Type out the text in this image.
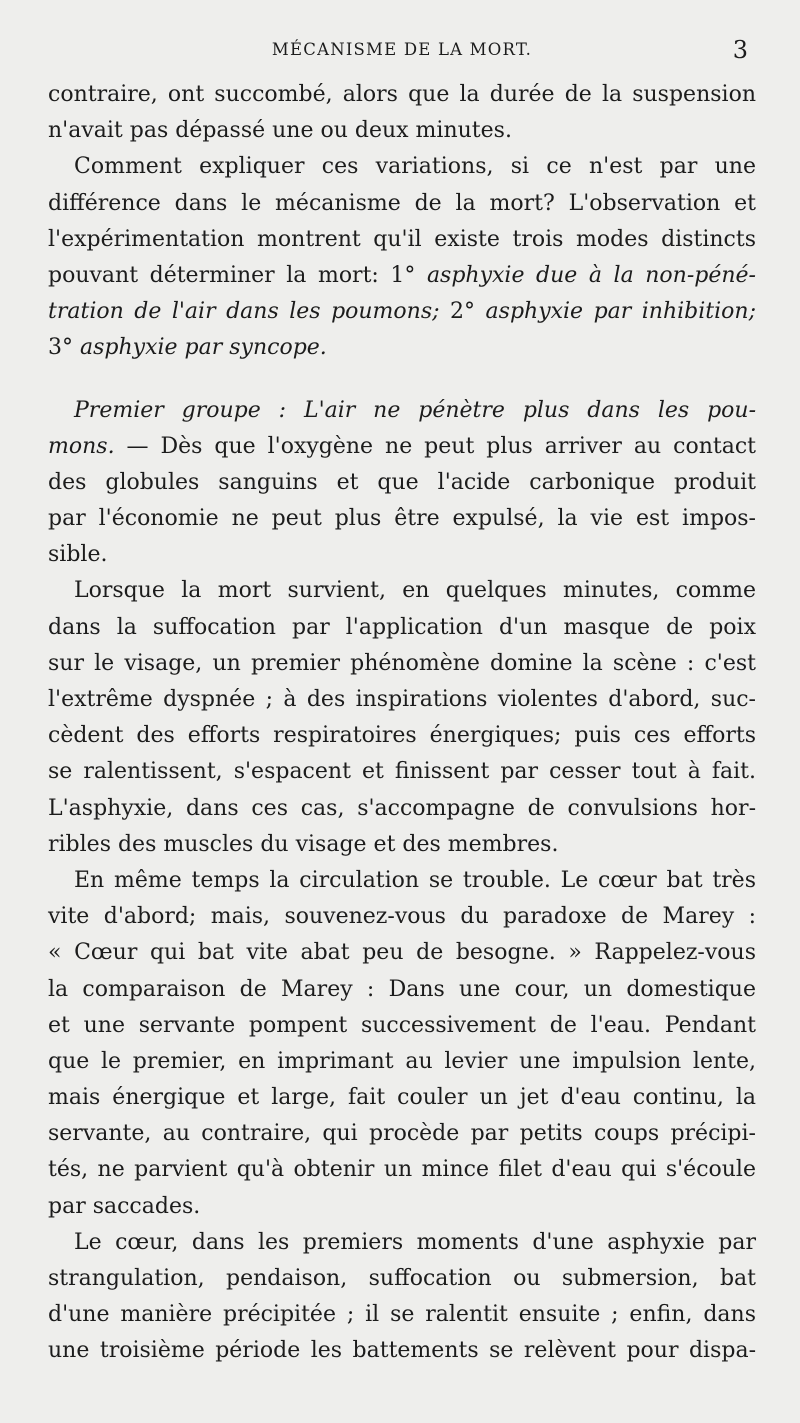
MÉCANISME DE LA MORT.	3
contraire, ont succombé, alors que la durée de la suspension
n'avait pas dépassé une ou deux minutes.
Comment expliquer ces variations, si ce n'est par une
différence dans le mécanisme de la mort? L'observation et
l'expérimentation montrent qu'il existe trois modes distincts
pouvant déterminer la mort: 1° asphyxie due à la non-péné-
tration de l'air dans les poumons; 2° asphyxie par inhibition;
3° asphyxie par syncope.
Premier groupe : L'air ne pénètre plus dans les pou-
mons. — Dès que l'oxygène ne peut plus arriver au contact
des globules sanguins et que l'acide carbonique produit
par l'économie ne peut plus être expulsé, la vie est impos-
sible.
Lorsque la mort survient, en quelques minutes, comme
dans la suffocation par l'application d'un masque de poix
sur le visage, un premier phénomène domine la scène : c'est
l'extrême dyspnée ; à des inspirations violentes d'abord, suc-
cèdent des efforts respiratoires énergiques; puis ces efforts
se ralentissent, s'espacent et finissent par cesser tout à fait.
L'asphyxie, dans ces cas, s'accompagne de convulsions hor-
ribles des muscles du visage et des membres.
En même temps la circulation se trouble. Le cœur bat très
vite d'abord; mais, souvenez-vous du paradoxe de Marey :
« Cœur qui bat vite abat peu de besogne. » Rappelez-vous
la comparaison de Marey : Dans une cour, un domestique
et une servante pompent successivement de l'eau. Pendant
que le premier, en imprimant au levier une impulsion lente,
mais énergique et large, fait couler un jet d'eau continu, la
servante, au contraire, qui procède par petits coups précipi-
tés, ne parvient qu'à obtenir un mince filet d'eau qui s'écoule
par saccades.
Le cœur, dans les premiers moments d'une asphyxie par
strangulation, pendaison, suffocation ou submersion, bat
d'une manière précipitée ; il se ralentit ensuite ; enfin, dans
une troisième période les battements se relèvent pour dispa-
